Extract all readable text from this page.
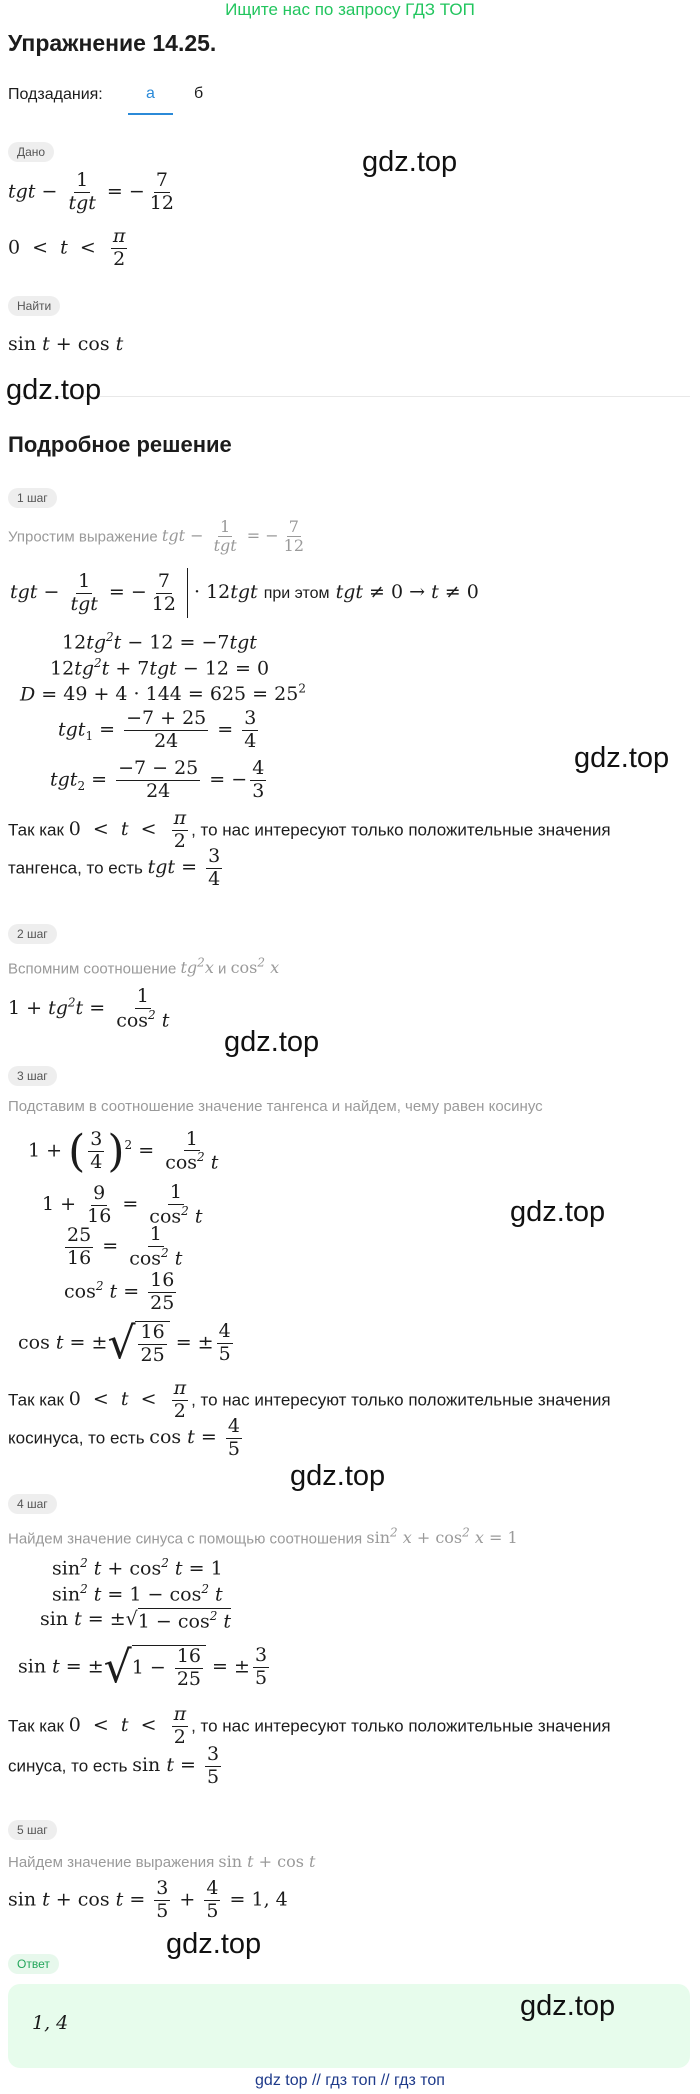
Ищите нас по запросу ГДЗ ТОП
Упражнение 14.25.
Подзадания:	а б
Дано
tgt − $\frac{1}{\text{tgt}}$ = − $\frac{7}{12}$
$0 < t < \frac{\pi}{2}$
Найти
sin t + cos t
Подробное решение
1 шаг
Упростим выражение tgt − $\frac{1}{\text{tgt}}$ = − $\frac{7}{12}$
tgt − $\frac{1}{\text{tgt}}$ = − $\frac{7}{12} \cdot 12tgt$ при этом tgt ≠ 0 → t ≠ 0
$12tg^2t - 12 = -7tgt$
$12tg^2t + 7tgt - 12 = 0$
$D = 49 + 4 \cdot 144 = 625 = 25^2$
$tgt_1 = \frac{-7 + 25}{24} = \frac{3}{4}$
$tgt_2 = \frac{-7 - 25}{24}$ = − $\frac{4}{3}$
Так как $0 < t < \frac{\pi}{2}$ , то нас интересуют только положительные значения
тангенса, то есть tgt = $\frac{3}{4}$
2 шаг
Вспомним соотношение $tg^2x$ и $\cos^2 x$
$1 + tg^2t = \frac{1}{\cos^2 t}$
3 шаг
Подставим в соотношение значение тангенса и найдем, чему равен косинус
1 + ( $\frac{3}{4} )^2 = \frac{1}{\cos^2 t}$
$1 + \frac{9}{16} = \frac{1}{\cos^2 t}$
$\frac{25}{16} = \frac{1}{\cos^2 t}$
$\cos^2 t = \frac{16}{25}$
cos t = ±√ $\frac{16}{25}$ = ± $\frac{4}{5}$
Так как $0 < t < \frac{\pi}{2}$ , то нас интересуют только положительные значения
косинуса, то есть $\cos t = \frac{4}{5}$
4 шаг
Найдем значение синуса с помощью соотношения $\sin^2 x + \cos^2 x = 1$
$\sin^2 t + \cos^2 t = 1$
$\sin^2 t = 1 - \cos^2 t$
$\sin t = \pm√1 - \cos^2 t$
$\sin t = \pm√1 - \frac{16}{25}$ = ± $\frac{3}{5}$
Так как $0 < t < \frac{\pi}{2}$ , то нас интересуют только положительные значения
синуса, то есть $\sin t = \frac{3}{5}$
5 шаг
Найдем значение выражения sin t + cos t
$\sin t + \cos t = \frac{3}{5} + \frac{4}{5} = 1$, 4
Ответ
1, 4
gdz.top
gdz.top
gdz.top
gdz.top
gdz.top
gdz.top
gdz.top
gdz.top
gdz top // гдз топ // гдз топ
